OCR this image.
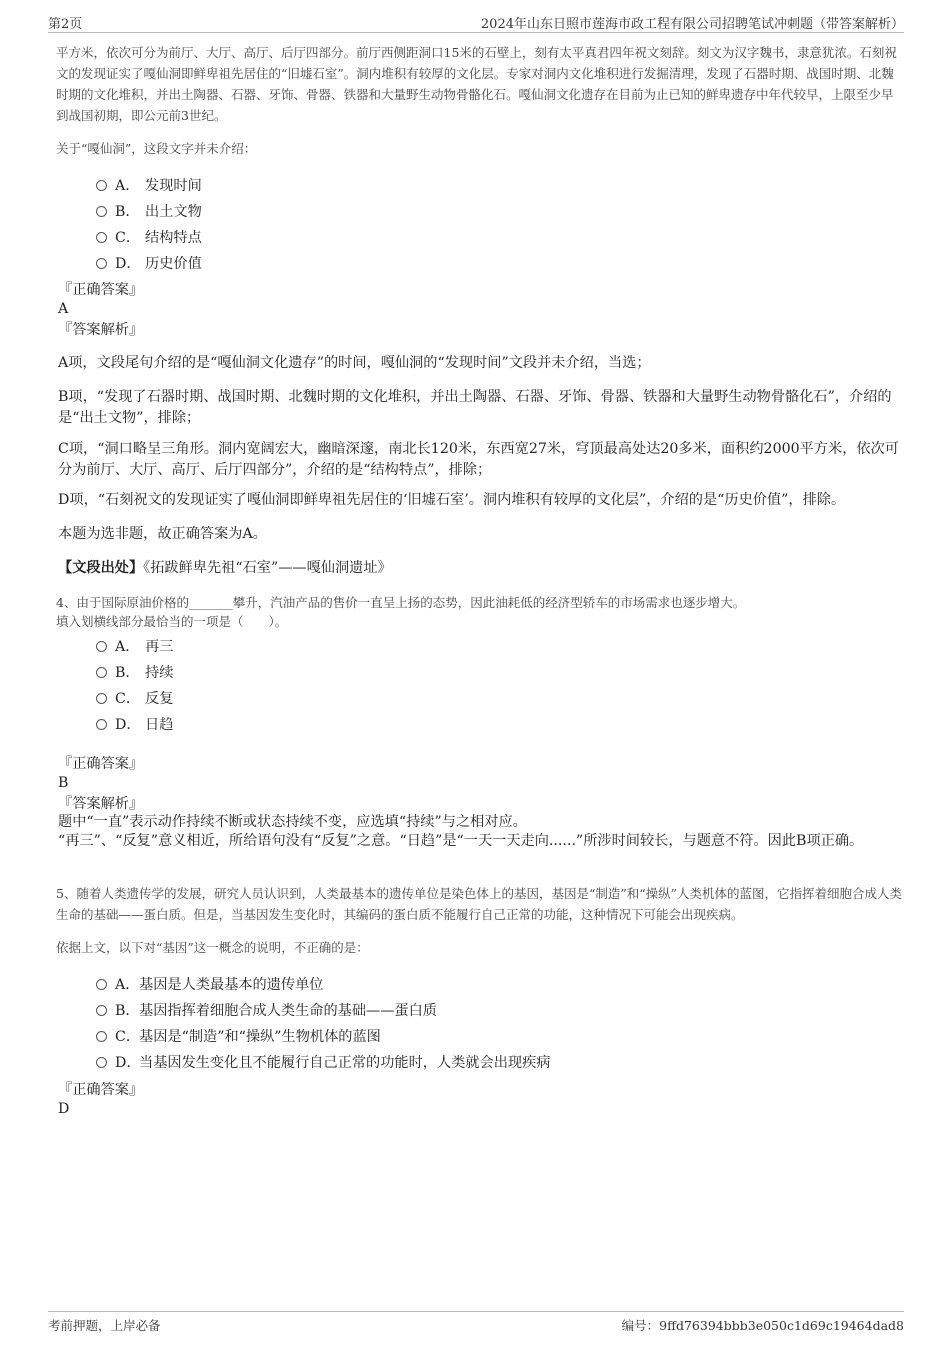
第2页	2024年山东日照市莲海市政工程有限公司招聘笔试冲刺题（带答案解析）
平方米，依次可分为前厅、大厅、高厅、后厅四部分。前厅西侧距洞口15米的石壁上，刻有太平真君四年祝文刻辞。刻文为汉字魏书，隶意犹浓。石刻祝文的发现证实了嘎仙洞即鲜卑祖先居住的“旧墟石室”。洞内堆积有较厚的文化层。专家对洞内文化堆积进行发掘清理，发现了石器时期、战国时期、北魏时期的文化堆积，并出土陶器、石器、牙饰、骨器、铁器和大量野生动物骨骼化石。嘎仙洞文化遗存在目前为止已知的鲜卑遗存中年代较早，上限至少早到战国初期，即公元前3世纪。
关于“嘎仙洞”，这段文字并未介绍：
A． 发现时间
B． 出土文物
C． 结构特点
D． 历史价值
『正确答案』
A
『答案解析』
A项，文段尾句介绍的是“嘎仙洞文化遗存”的时间，嘎仙洞的“发现时间”文段并未介绍，当选；
B项，“发现了石器时期、战国时期、北魏时期的文化堆积，并出土陶器、石器、牙饰、骨器、铁器和大量野生动物骨骼化石”，介绍的是“出土文物”，排除；
C项，“洞口略呈三角形。洞内宽阔宏大，幽暗深邃，南北长120米，东西宽27米，穹顶最高处达20多米，面积约2000平方米，依次可分为前厅、大厅、高厅、后厅四部分”，介绍的是“结构特点”，排除；
D项，“石刻祝文的发现证实了嘎仙洞即鲜卑祖先居住的‘旧墟石室’。洞内堆积有较厚的文化层”，介绍的是“历史价值”，排除。
本题为选非题，故正确答案为A。
【文段出处】《拓跋鲜卑先祖“石室”——嘎仙洞遗址》
4、由于国际原油价格的_______攀升，汽油产品的售价一直呈上扬的态势，因此油耗低的经济型轿车的市场需求也逐步增大。
填入划横线部分最恰当的一项是（　　）。
A． 再三
B． 持续
C． 反复
D． 日趋
『正确答案』
B
『答案解析』
题中“一直”表示动作持续不断或状态持续不变，应选填“持续”与之相对应。
“再三”、“反复”意义相近，所给语句没有“反复”之意。“日趋”是“一天一天走向......”所涉时间较长，与题意不符。因此B项正确。
5、随着人类遗传学的发展，研究人员认识到，人类最基本的遗传单位是染色体上的基因，基因是“制造”和“操纵”人类机体的蓝图，它指挥着细胞合成人类生命的基础——蛋白质。但是，当基因发生变化时，其编码的蛋白质不能履行自己正常的功能，这种情况下可能会出现疾病。
依据上文，以下对“基因”这一概念的说明，不正确的是：
A．基因是人类最基本的遗传单位
B．基因指挥着细胞合成人类生命的基础——蛋白质
C．基因是“制造”和“操纵”生物机体的蓝图
D．当基因发生变化且不能履行自己正常的功能时，人类就会出现疾病
『正确答案』
D
考前押题，上岸必备	编号：9ffd76394bbb3e050c1d69c19464dad8
